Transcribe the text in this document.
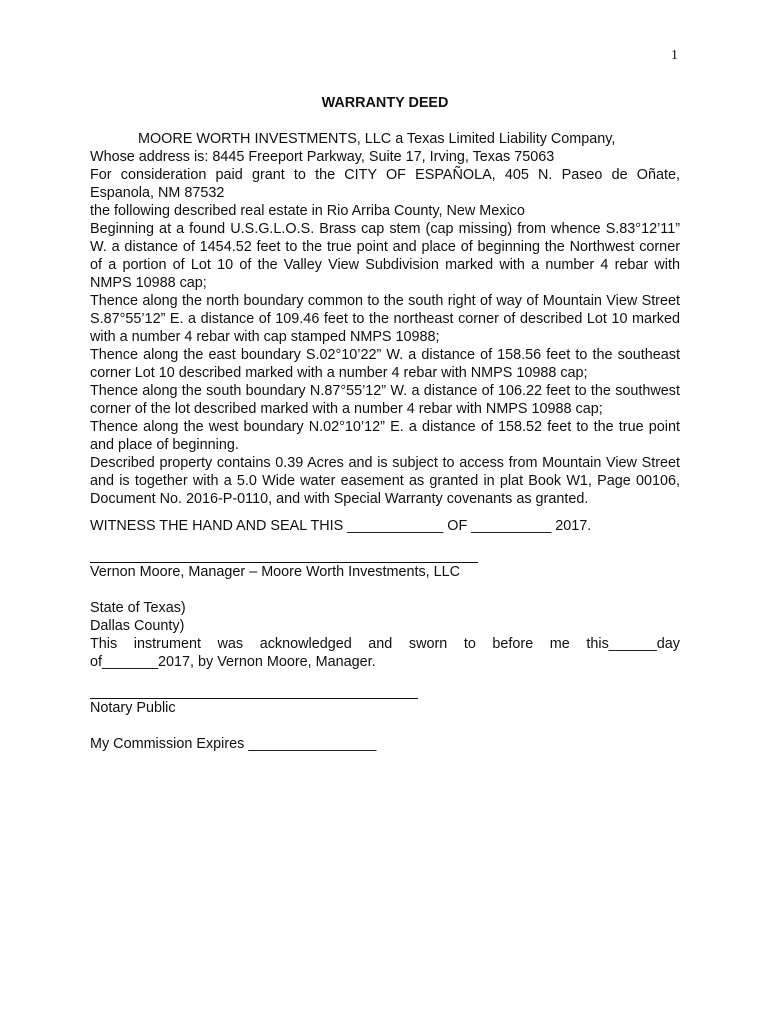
1
WARRANTY DEED
MOORE WORTH INVESTMENTS, LLC a Texas Limited Liability Company,
Whose address is: 8445 Freeport Parkway, Suite 17, Irving, Texas 75063
For consideration paid grant to the CITY OF ESPAÑOLA, 405 N. Paseo de Oñate, Espanola, NM 87532
the following described real estate in Rio Arriba County, New Mexico
Beginning at a found U.S.G.L.O.S. Brass cap stem (cap missing) from whence S.83°12’11” W. a distance of 1454.52 feet to the true point and place of beginning the Northwest corner of a portion of Lot 10 of the Valley View Subdivision marked with a number 4 rebar with NMPS 10988 cap;
Thence along the north boundary common to the south right of way of Mountain View Street S.87°55’12” E. a distance of 109.46 feet to the northeast corner of described Lot 10 marked with a number 4 rebar with cap stamped NMPS 10988;
Thence along the east boundary S.02°10’22” W. a distance of 158.56 feet to the southeast corner Lot 10 described marked with a number 4 rebar with NMPS 10988 cap;
Thence along the south boundary N.87°55’12” W. a distance of 106.22 feet to the southwest corner of the lot described marked with a number 4 rebar with NMPS 10988 cap;
Thence along the west boundary N.02°10’12” E. a distance of 158.52 feet to the true point and place of beginning.
Described property contains 0.39 Acres and is subject to access from Mountain View Street and is together with a 5.0 Wide water easement as granted in plat Book W1, Page 00106, Document No. 2016-P-0110, and with Special Warranty covenants as granted.
WITNESS THE HAND AND SEAL THIS ____________ OF __________ 2017.
Vernon Moore, Manager – Moore Worth Investments, LLC
State of Texas)
Dallas County)
This instrument was acknowledged and sworn to before me this______day
of_______2017, by Vernon Moore, Manager.
Notary Public
My Commission Expires ________________
